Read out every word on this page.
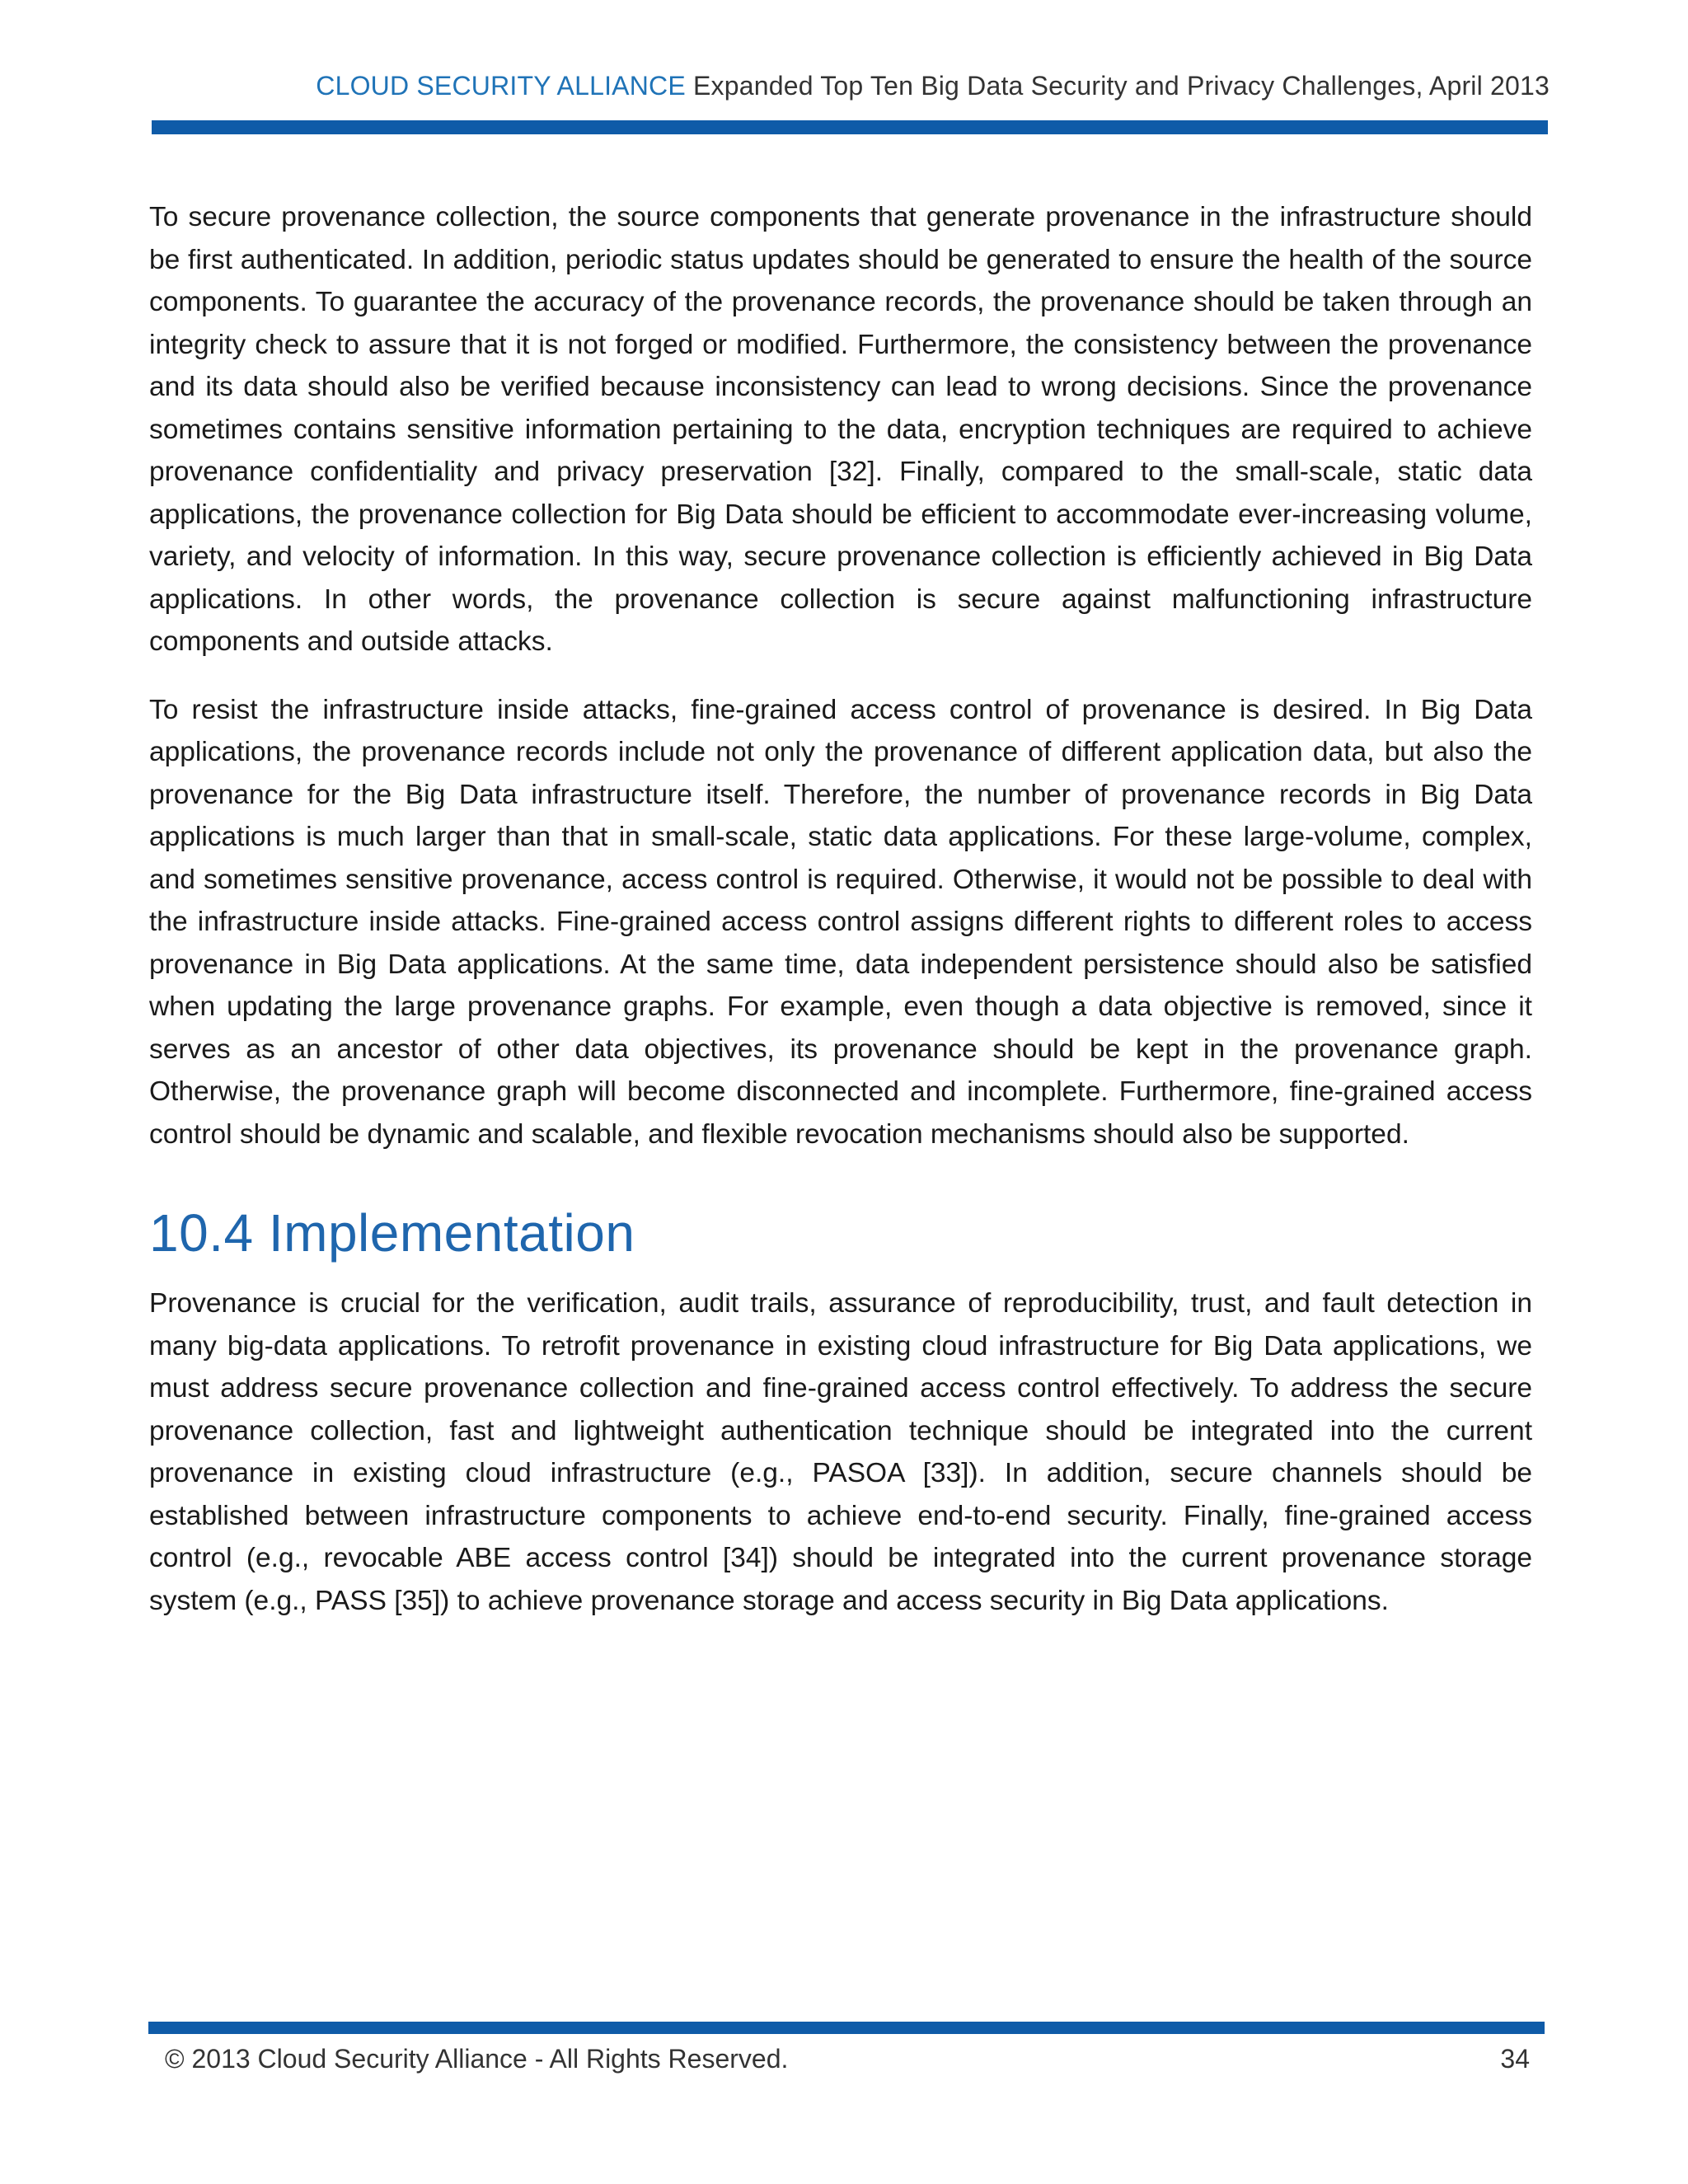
CLOUD SECURITY ALLIANCE Expanded Top Ten Big Data Security and Privacy Challenges, April 2013

To secure provenance collection, the source components that generate provenance in the infrastructure should be first authenticated. In addition, periodic status updates should be generated to ensure the health of the source components. To guarantee the accuracy of the provenance records, the provenance should be taken through an integrity check to assure that it is not forged or modified. Furthermore, the consistency between the provenance and its data should also be verified because inconsistency can lead to wrong decisions. Since the provenance sometimes contains sensitive information pertaining to the data, encryption techniques are required to achieve provenance confidentiality and privacy preservation [32]. Finally, compared to the small-scale, static data applications, the provenance collection for Big Data should be efficient to accommodate ever-increasing volume, variety, and velocity of information. In this way, secure provenance collection is efficiently achieved in Big Data applications. In other words, the provenance collection is secure against malfunctioning infrastructure components and outside attacks.

To resist the infrastructure inside attacks, fine-grained access control of provenance is desired. In Big Data applications, the provenance records include not only the provenance of different application data, but also the provenance for the Big Data infrastructure itself. Therefore, the number of provenance records in Big Data applications is much larger than that in small-scale, static data applications. For these large-volume, complex, and sometimes sensitive provenance, access control is required. Otherwise, it would not be possible to deal with the infrastructure inside attacks. Fine-grained access control assigns different rights to different roles to access provenance in Big Data applications. At the same time, data independent persistence should also be satisfied when updating the large provenance graphs. For example, even though a data objective is removed, since it serves as an ancestor of other data objectives, its provenance should be kept in the provenance graph. Otherwise, the provenance graph will become disconnected and incomplete. Furthermore, fine-grained access control should be dynamic and scalable, and flexible revocation mechanisms should also be supported.

10.4 Implementation

Provenance is crucial for the verification, audit trails, assurance of reproducibility, trust, and fault detection in many big-data applications. To retrofit provenance in existing cloud infrastructure for Big Data applications, we must address secure provenance collection and fine-grained access control effectively. To address the secure provenance collection, fast and lightweight authentication technique should be integrated into the current provenance in existing cloud infrastructure (e.g., PASOA [33]). In addition, secure channels should be established between infrastructure components to achieve end-to-end security. Finally, fine-grained access control (e.g., revocable ABE access control [34]) should be integrated into the current provenance storage system (e.g., PASS [35]) to achieve provenance storage and access security in Big Data applications.

© 2013 Cloud Security Alliance - All Rights Reserved.	34
